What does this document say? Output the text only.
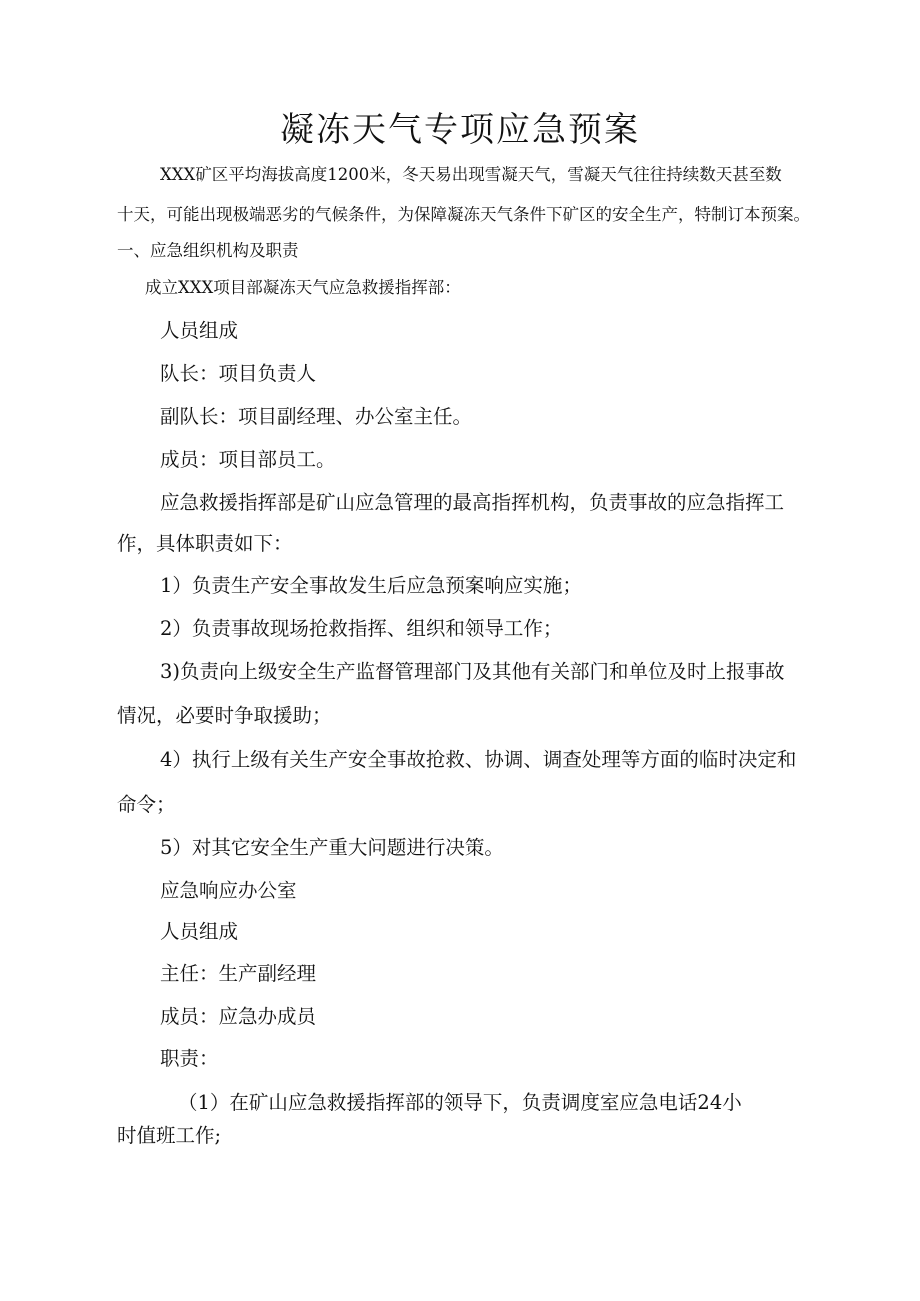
凝冻天气专项应急预案
XXX矿区平均海拔高度1200米，冬天易出现雪凝天气，雪凝天气往往持续数天甚至数
十天，可能出现极端恶劣的气候条件，为保障凝冻天气条件下矿区的安全生产，特制订本预案。
一、应急组织机构及职责
成立XXX项目部凝冻天气应急救援指挥部：
人员组成
队长：项目负责人
副队长：项目副经理、办公室主任。
成员：项目部员工。
应急救援指挥部是矿山应急管理的最高指挥机构，负责事故的应急指挥工
作，具体职责如下：
1）负责生产安全事故发生后应急预案响应实施；
2）负责事故现场抢救指挥、组织和领导工作；
3)负责向上级安全生产监督管理部门及其他有关部门和单位及时上报事故
情况，必要时争取援助；
4）执行上级有关生产安全事故抢救、协调、调查处理等方面的临时决定和
命令；
5）对其它安全生产重大问题进行决策。
应急响应办公室
人员组成
主任：生产副经理
成员：应急办成员
职责：
（1）在矿山应急救援指挥部的领导下，负责调度室应急电话24小
时值班工作;
